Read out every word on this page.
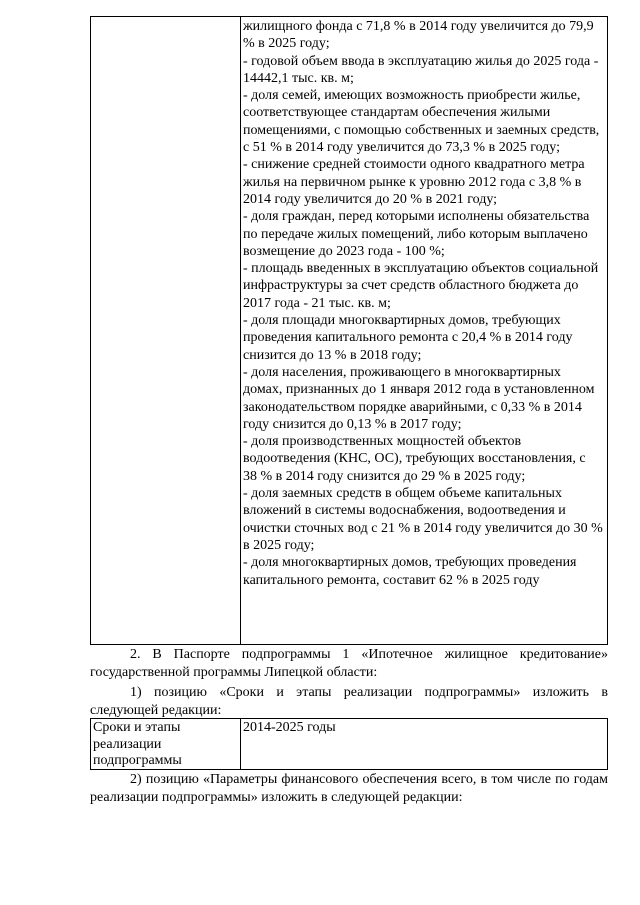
жилищного фонда с 71,8 % в 2014 году увеличится до 79,9 % в 2025 году;

- годовой объем ввода в эксплуатацию жилья до 2025 года - 14442,1 тыс. кв. м;

- доля семей, имеющих возможность приобрести жилье, соответствующее стандартам обеспечения жилыми помещениями, с помощью собственных и заемных средств, с 51 % в 2014 году увеличится до 73,3 % в 2025 году;

- снижение средней стоимости одного квадратного метра жилья на первичном рынке к уровню 2012 года с 3,8 % в 2014 году увеличится до 20 % в 2021 году;

- доля граждан, перед которыми исполнены обязательства по передаче жилых помещений, либо которым выплачено возмещение до 2023 года - 100 %;

- площадь введенных в эксплуатацию объектов социальной инфраструктуры за счет средств областного бюджета до 2017 года - 21 тыс. кв. м;

- доля площади многоквартирных домов, требующих проведения капитального ремонта с 20,4 % в 2014 году снизится до 13 % в 2018 году;

- доля населения, проживающего в многоквартирных домах, признанных до 1 января 2012 года в установленном законодательством порядке аварийными, с 0,33 % в 2014 году снизится до 0,13 % в 2017 году;

- доля производственных мощностей объектов водоотведения (КНС, ОС), требующих восстановления, с 38 % в 2014 году снизится до 29 % в 2025 году;

- доля заемных средств в общем объеме капитальных вложений в системы водоснабжения, водоотведения и очистки сточных вод с 21 % в 2014 году увеличится до 30 % в 2025 году;

- доля многоквартирных домов, требующих проведения капитального ремонта, составит 62 % в 2025 году

2. В Паспорте подпрограммы 1 «Ипотечное жилищное кредитование» государственной программы Липецкой области:

1) позицию «Сроки и этапы реализации подпрограммы» изложить в следующей редакции:

Сроки и этапы реализации подпрограммы
2014-2025 годы

2) позицию «Параметры финансового обеспечения всего, в том числе по годам реализации подпрограммы» изложить в следующей редакции:
